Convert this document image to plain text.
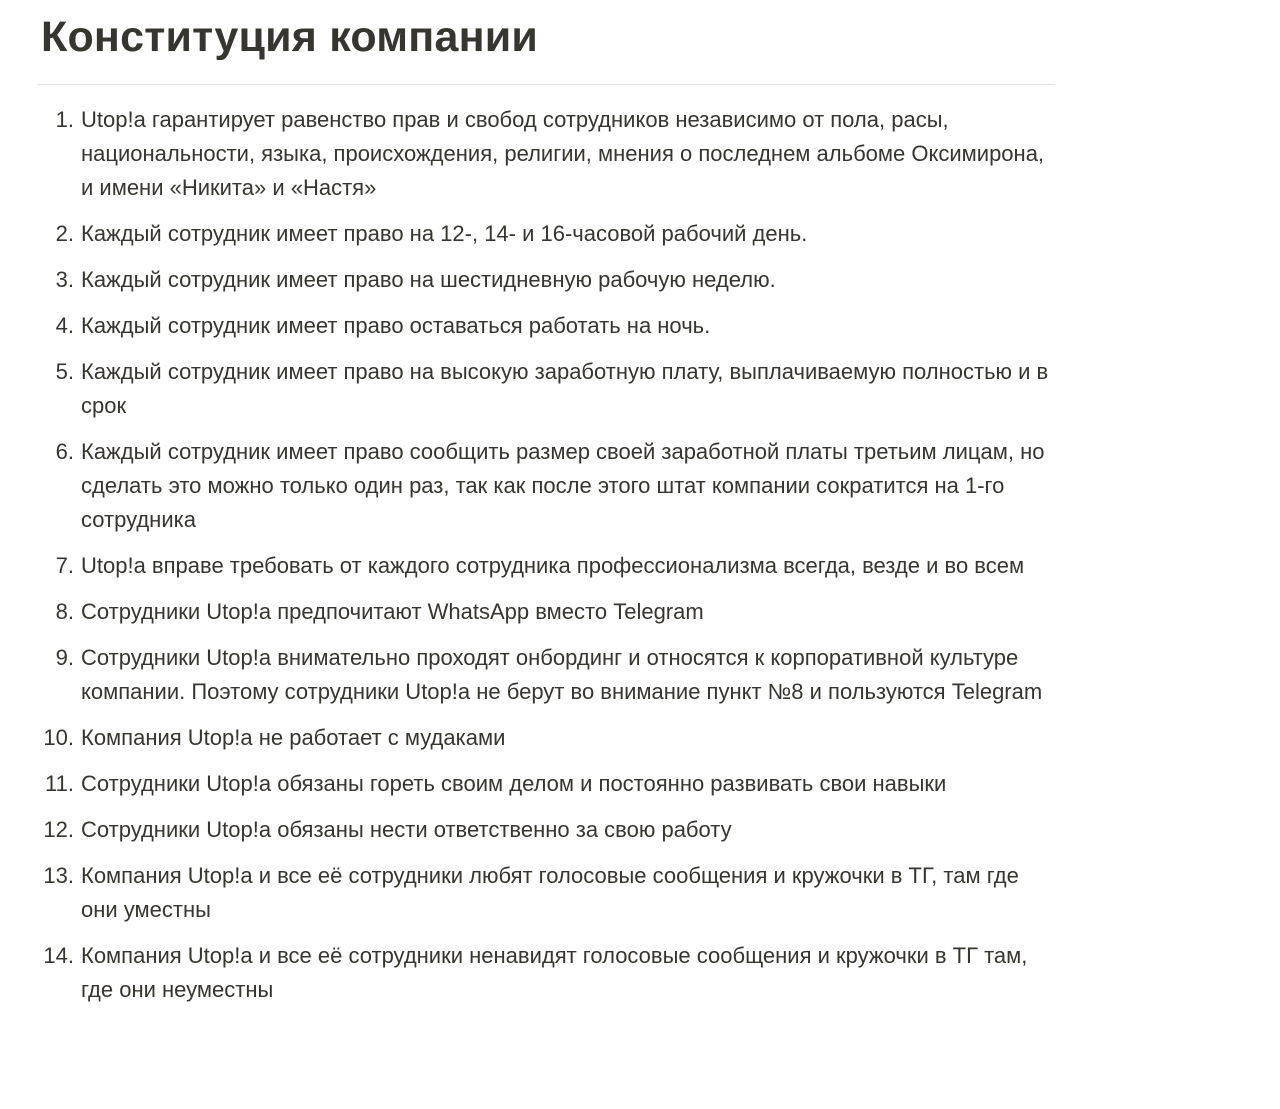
Конституция компании
1. Utop!a гарантирует равенство прав и свобод сотрудников независимо от пола, расы, национальности, языка, происхождения, религии, мнения о последнем альбоме Оксимирона, и имени «Никита» и «Настя»
2. Каждый сотрудник имеет право на 12-, 14- и 16-часовой рабочий день.
3. Каждый сотрудник имеет право на шестидневную рабочую неделю.
4. Каждый сотрудник имеет право оставаться работать на ночь.
5. Каждый сотрудник имеет право на высокую заработную плату, выплачиваемую полностью и в срок
6. Каждый сотрудник имеет право сообщить размер своей заработной платы третьим лицам, но сделать это можно только один раз, так как после этого штат компании сократится на 1-го сотрудника
7. Utop!a вправе требовать от каждого сотрудника профессионализма всегда, везде и во всем
8. Сотрудники Utop!a предпочитают WhatsApp вместо Telegram
9. Сотрудники Utop!a внимательно проходят онбординг и относятся к корпоративной культуре компании. Поэтому сотрудники Utop!a не берут во внимание пункт №8 и пользуются Telegram
10. Компания Utop!a не работает с мудаками
11. Сотрудники Utop!a обязаны гореть своим делом и постоянно развивать свои навыки
12. Сотрудники Utop!a обязаны нести ответственно за свою работу
13. Компания Utop!a и все её сотрудники любят голосовые сообщения и кружочки в ТГ, там где они уместны
14. Компания Utop!a и все её сотрудники ненавидят голосовые сообщения и кружочки в ТГ там, где они неуместны
